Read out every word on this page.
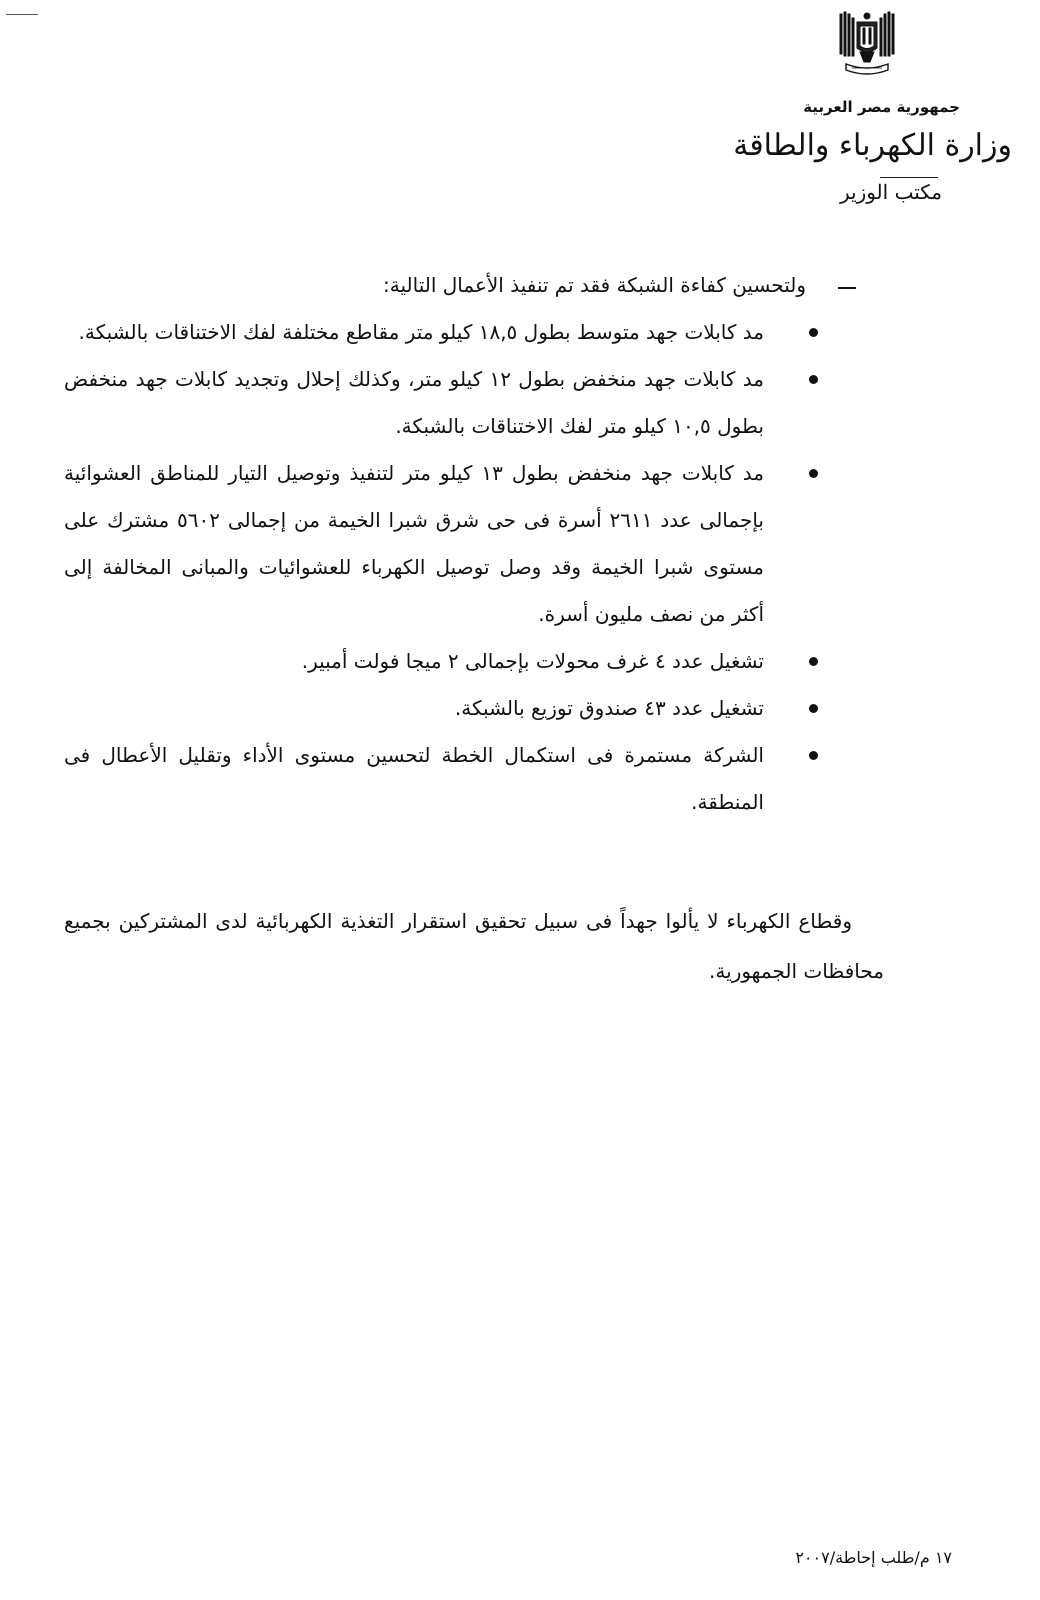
جمهورية مصر العربية
وزارة الكهرباء والطاقة
مكتب الوزير

ولتحسين كفاءة الشبكة فقد تم تنفيذ الأعمال التالية:

مد كابلات جهد متوسط بطول ١٨,٥ كيلو متر مقاطع مختلفة لفك الاختناقات بالشبكة.
مد كابلات جهد منخفض بطول ١٢ كيلو متر، وكذلك إحلال وتجديد كابلات جهد منخفض بطول ١٠,٥ كيلو متر لفك الاختناقات بالشبكة.
مد كابلات جهد منخفض بطول ١٣ كيلو متر لتنفيذ وتوصيل التيار للمناطق العشوائية بإجمالى عدد ٢٦١١ أسرة فى حى شرق شبرا الخيمة من إجمالى ٥٦٠٢ مشترك على مستوى شبرا الخيمة وقد وصل توصيل الكهرباء للعشوائيات والمبانى المخالفة إلى أكثر من نصف مليون أسرة.
تشغيل عدد ٤ غرف محولات بإجمالى ٢ ميجا فولت أمبير.
تشغيل عدد ٤٣ صندوق توزيع بالشبكة.
الشركة مستمرة فى استكمال الخطة لتحسين مستوى الأداء وتقليل الأعطال فى المنطقة.
وقطاع الكهرباء لا يألوا جهداً فى سبيل تحقيق استقرار التغذية الكهربائية لدى المشتركين بجميع محافظات الجمهورية.
١٧ م/طلب إحاطة/٢٠٠٧
